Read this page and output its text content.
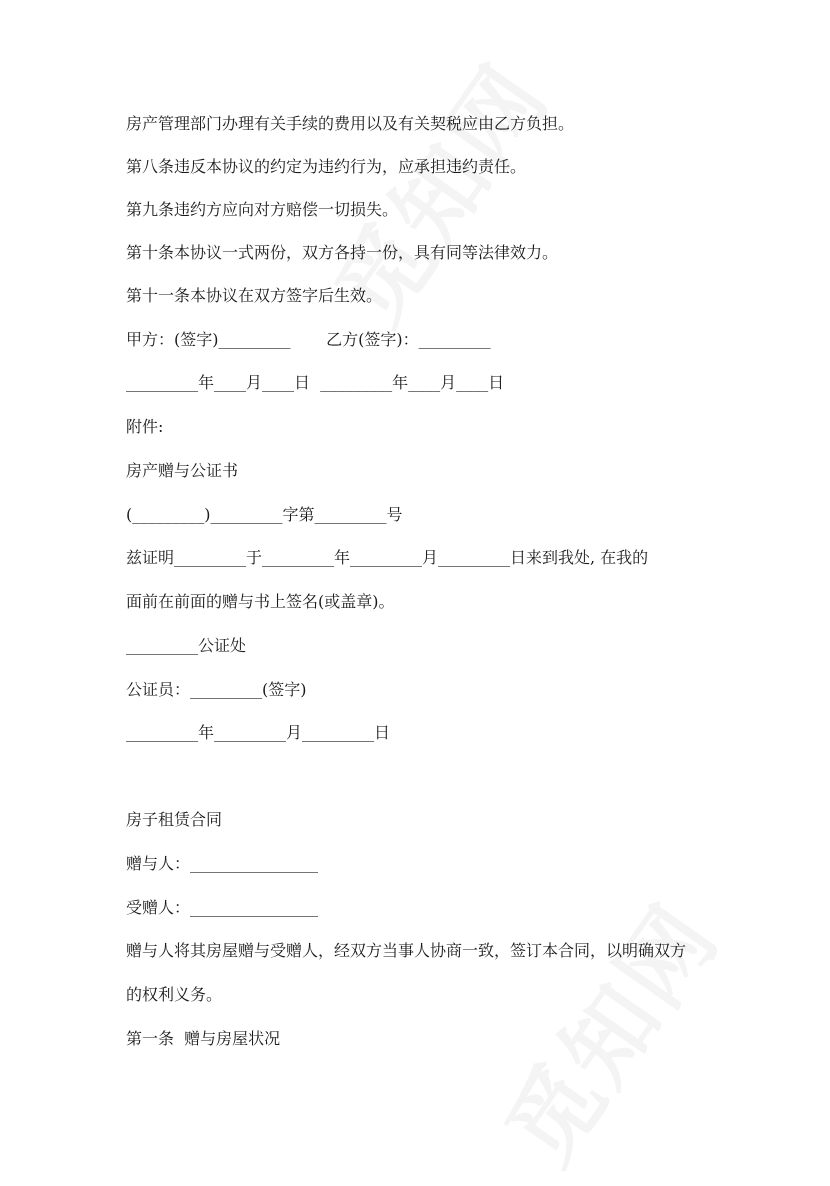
房产管理部门办理有关手续的费用以及有关契税应由乙方负担。
第八条违反本协议的约定为违约行为，应承担违约责任。
第九条违约方应向对方赔偿一切损失。
第十条本协议一式两份，双方各持一份，具有同等法律效力。
第十一条本协议在双方签字后生效。
甲方：(签字)_________       乙方(签字)：_________
_________年____月____日  _________年____月____日
附件:
房产赠与公证书
(_________)_________字第_________号
兹证明_________于_________年_________月_________日来到我处, 在我的
面前在前面的赠与书上签名(或盖章)。
_________公证处
公证员：_________(签字)
_________年_________月_________日
房子租赁合同
赠与人：________________
受赠人：________________
赠与人将其房屋赠与受赠人，经双方当事人协商一致，签订本合同，以明确双方
的权利义务。
第一条  赠与房屋状况
